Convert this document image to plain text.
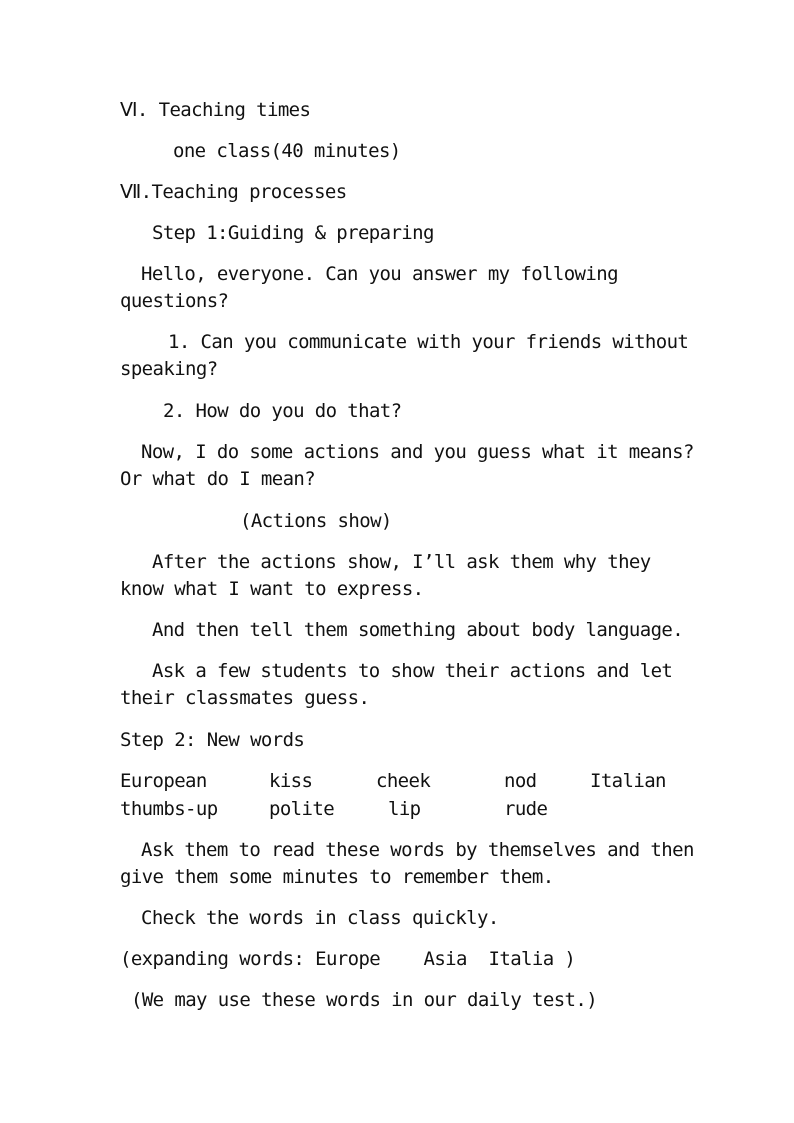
Ⅵ. Teaching times
one class(40 minutes)
Ⅶ.Teaching processes
Step 1:Guiding & preparing
Hello, everyone. Can you answer my following questions?
1. Can you communicate with your friends without speaking?
2. How do you do that?
Now, I do some actions and you guess what it means? Or what do I mean?
(Actions show)
After the actions show, I’ll ask them why they know what I want to express.
And then tell them something about body language.
Ask a few students to show their actions and let their classmates guess.
Step 2: New words
European	kiss	cheek	nod	Italian
thumbs-up	polite	lip	rude
Ask them to read these words by themselves and then give them some minutes to remember them.
Check the words in class quickly.
(expanding words: Europe    Asia  Italia )
(We may use these words in our daily test.)
